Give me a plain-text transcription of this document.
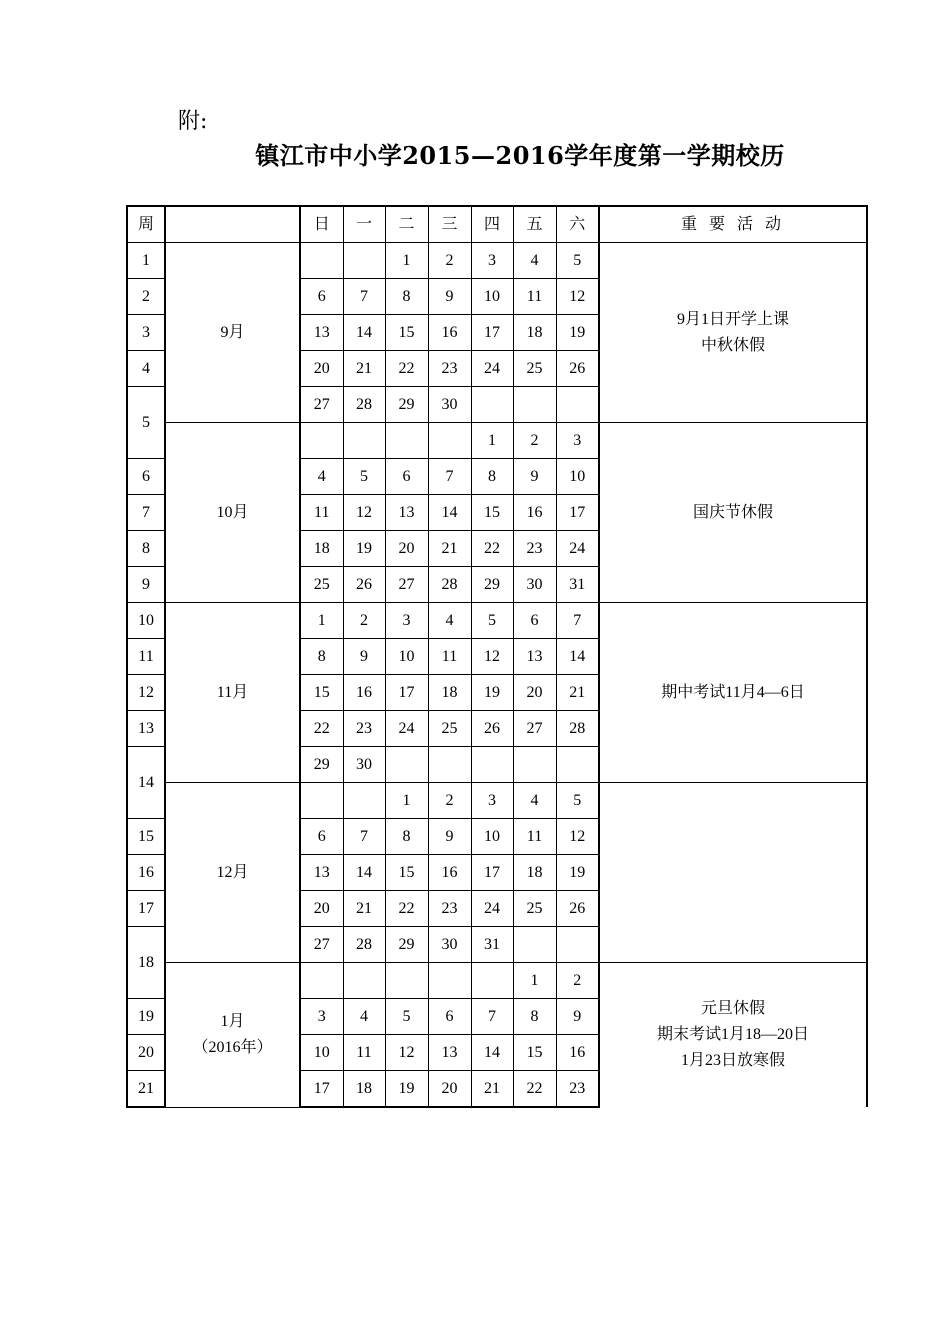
附:
镇江市中小学2015—2016学年度第一学期校历
周		日	一	二	三	四	五	六	重 要 活 动
1	9月			1	2	3	4	5	9月1日开学上课
中秋休假

2		6	7	8	9	10	11	12	
3		13	14	15	16	17	18	19	
4		20	21	22	23	24	25	26	
5		27	28	29	30				

	10月					1	2	3	国庆节休假

6		4	5	6	7	8	9	10	
7		11	12	13	14	15	16	17	
8		18	19	20	21	22	23	24	
9		25	26	27	28	29	30	31	
10	11月	1	2	3	4	5	6	7	期中考试11月4—6日

11		8	9	10	11	12	13	14	
12		15	16	17	18	19	20	21	
13		22	23	24	25	26	27	28	
14		29	30						

	12月			1	2	3	4	5	
15		6	7	8	9	10	11	12	
16		13	14	15	16	17	18	19	
17		20	21	22	23	24	25	26	
18		27	28	29	30	31			

	1月
（2016年）						1	2	元旦休假
期末考试1月18—20日
1月23日放寒假

19		3	4	5	6	7	8	9	
20		10	11	12	13	14	15	16	
21		17	18	19	20	21	22	23	
